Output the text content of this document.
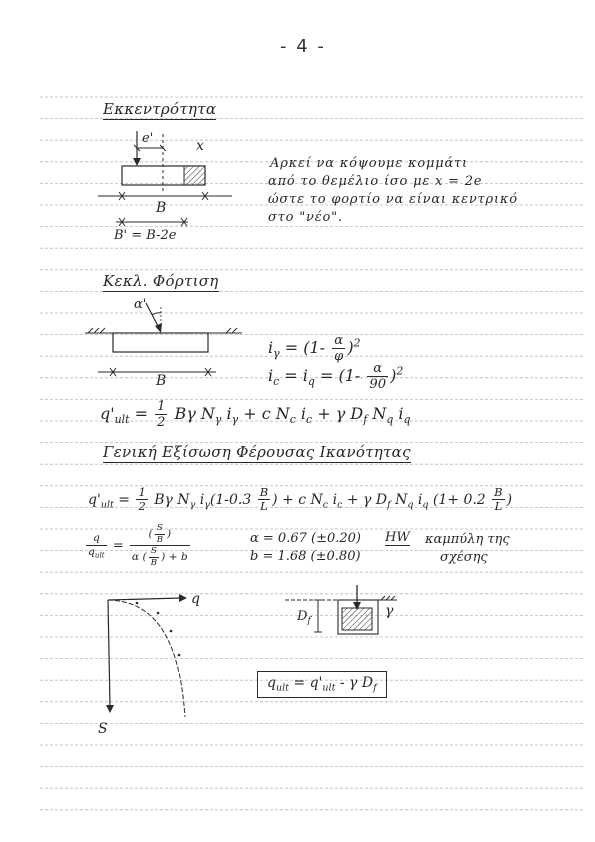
- 4 -
Εκκεντρότητα
e'	x
B
B' = B-2e
Αρκεί να κόψουμε κομμάτι
από το θεμέλιο ίσο με x = 2e
ώστε το φορτίο να είναι κεντρικό
στο "νέο".
Κεκλ. Φόρτιση
α'
B
$i_\gamma = (1- \frac{\alpha}{\varphi} )^2$
$i_c = i_q = (1- \frac{\alpha}{90} )^2$
$q'_{ult} = \frac{1}{2}$ Bγ $N_\gamma$ $i_\gamma + c$ $N_c$ $i_c + \gamma$ $D_f$ $N_q$ $i_q$
Γενική Εξίσωση Φέρουσας Ικανότητας
$q'_{ult} = \frac{1}{2}$ Bγ $N_\gamma$ $i_\gamma(1-0.3 \frac{B}{L}$ ) + c $N_c$ $i_c + \gamma$ $D_f$ $N_q$ $i_q$ ($1+ 0.2 \frac{B}{L}$ )
$\frac{q}{q_{ult}} = \frac{( \frac{S}{B} )}{\alpha ( \frac{S}{B} ) + b}$	α = 0.67 (±0.20)
b = 1.68 (±0.80)
HW καμπύλη της
σχέσης
q
S
γ
$D_f$
$q_{ult} = q'_{ult} - \gamma$ $D_f$
